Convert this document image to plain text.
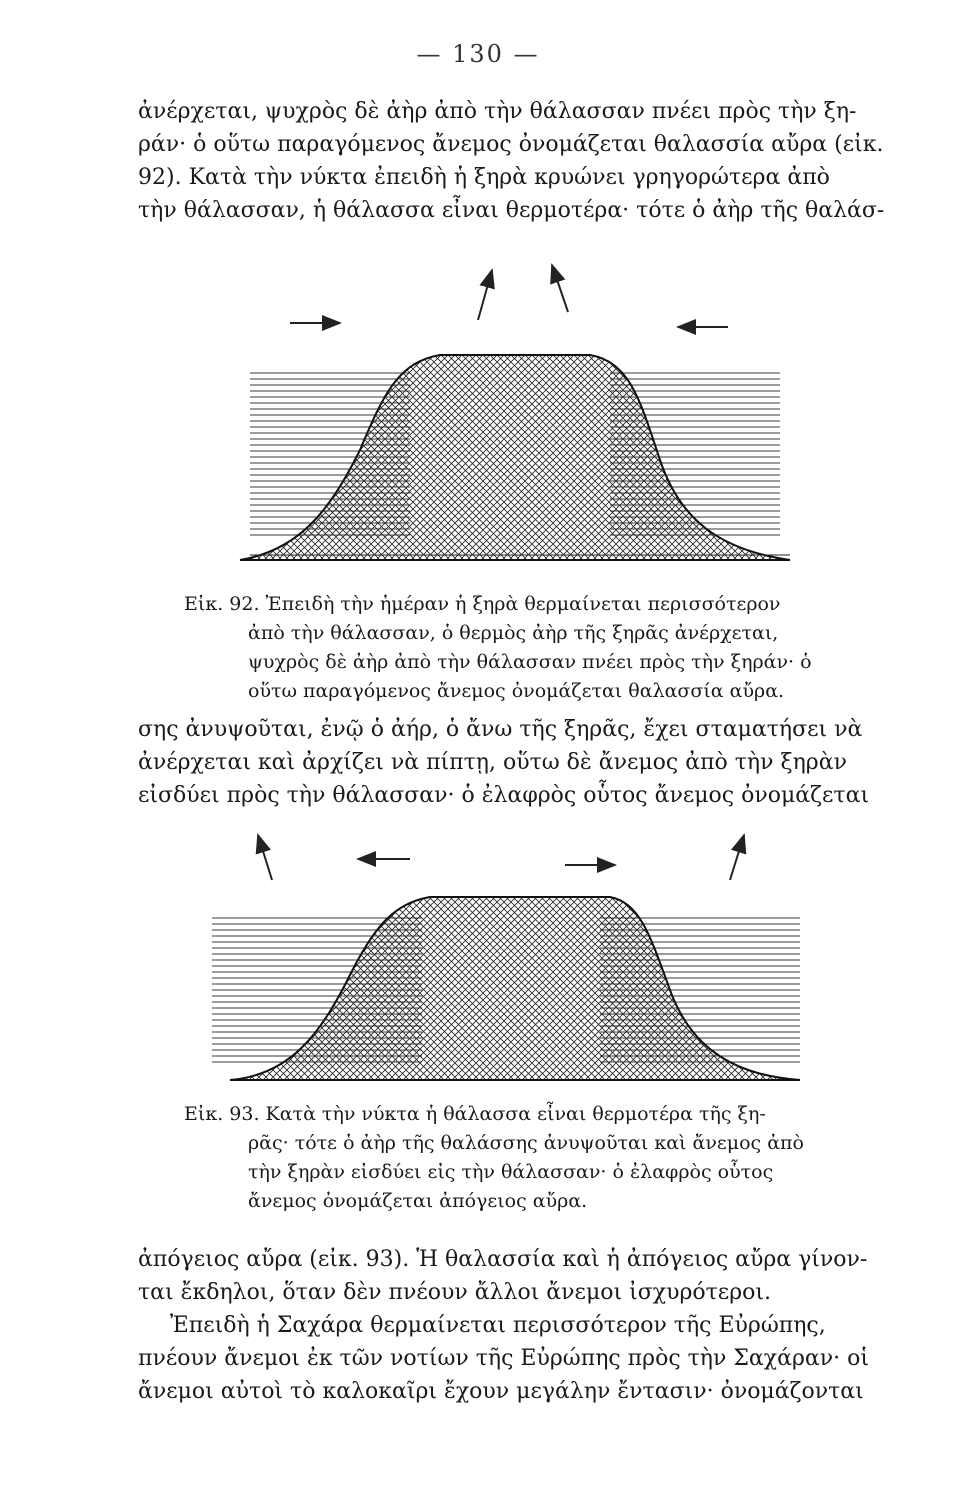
— 130 —
ἀνέρχεται, ψυχρὸς δὲ ἀὴρ ἀπὸ τὴν θάλασσαν πνέει πρὸς τὴν ξη-
ράν· ὁ οὕτω παραγόμενος ἄνεμος ὀνομάζεται θαλασσία αὔρα (εἰκ.
92). Κατὰ τὴν νύκτα ἐπειδὴ ἡ ξηρὰ κρυώνει γρηγορώτερα ἀπὸ
τὴν θάλασσαν, ἡ θάλασσα εἶναι θερμοτέρα· τότε ὁ ἀὴρ τῆς θαλάσ-
Εἰκ. 92. Ἐπειδὴ τὴν ἡμέραν ἡ ξηρὰ θερμαίνεται περισσότερον
ἀπὸ τὴν θάλασσαν, ὁ θερμὸς ἀὴρ τῆς ξηρᾶς ἀνέρχεται,
ψυχρὸς δὲ ἀὴρ ἀπὸ τὴν θάλασσαν πνέει πρὸς τὴν ξηράν· ὁ
οὕτω παραγόμενος ἄνεμος ὀνομάζεται θαλασσία αὔρα.
σης ἀνυψοῦται, ἐνῷ ὁ ἀήρ, ὁ ἄνω τῆς ξηρᾶς, ἔχει σταματήσει νὰ
ἀνέρχεται καὶ ἀρχίζει νὰ πίπτῃ, οὕτω δὲ ἄνεμος ἀπὸ τὴν ξηρὰν
εἰσδύει πρὸς τὴν θάλασσαν· ὁ ἐλαφρὸς οὗτος ἄνεμος ὀνομάζεται
Εἰκ. 93. Κατὰ τὴν νύκτα ἡ θάλασσα εἶναι θερμοτέρα τῆς ξη-
ρᾶς· τότε ὁ ἀὴρ τῆς θαλάσσης ἀνυψοῦται καὶ ἄνεμος ἀπὸ
τὴν ξηρὰν εἰσδύει εἰς τὴν θάλασσαν· ὁ ἐλαφρὸς οὗτος
ἄνεμος ὀνομάζεται ἀπόγειος αὔρα.
ἀπόγειος αὔρα (εἰκ. 93). Ἡ θαλασσία καὶ ἡ ἀπόγειος αὔρα γίνον-
ται ἔκδηλοι, ὅταν δὲν πνέουν ἄλλοι ἄνεμοι ἰσχυρότεροι.
Ἐπειδὴ ἡ Σαχάρα θερμαίνεται περισσότερον τῆς Εὐρώπης,
πνέουν ἄνεμοι ἐκ τῶν νοτίων τῆς Εὐρώπης πρὸς τὴν Σαχάραν· οἱ
ἄνεμοι αὐτοὶ τὸ καλοκαῖρι ἔχουν μεγάλην ἔντασιν· ὀνομάζονται
